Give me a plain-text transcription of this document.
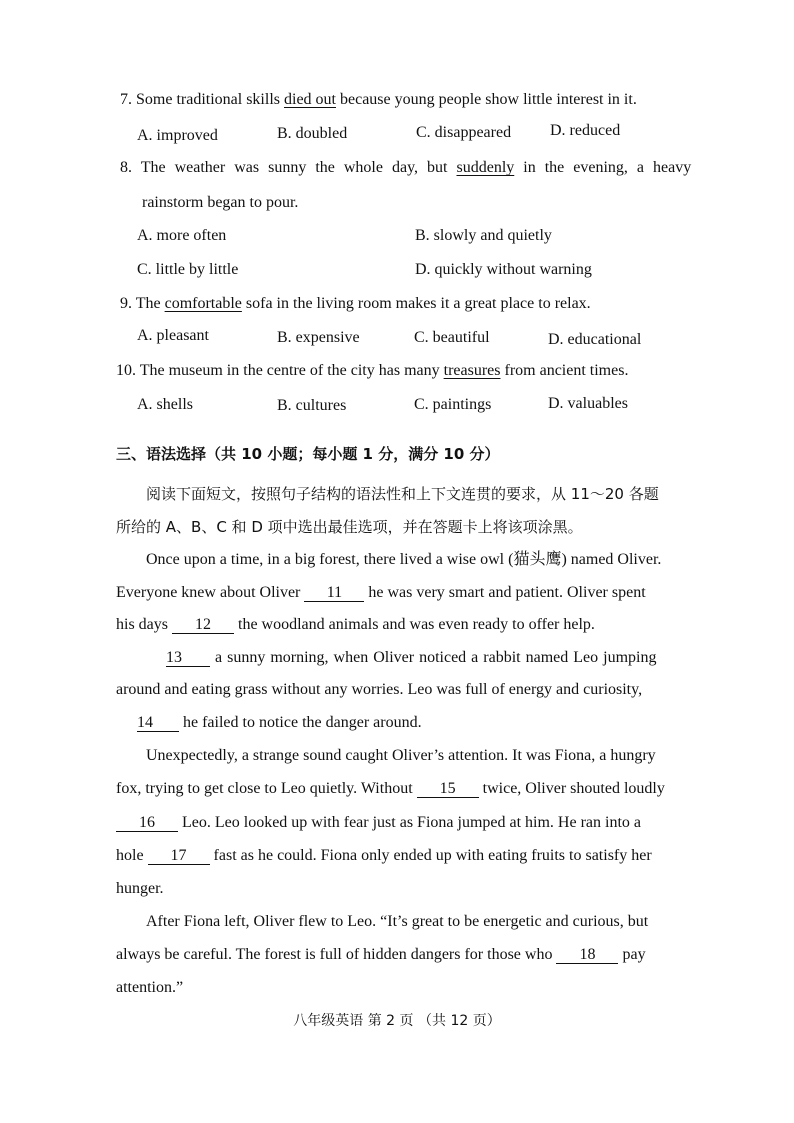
7. Some traditional skills died out because young people show little interest in it.
A. improved	B. doubled	C. disappeared D. reduced
8. The weather was sunny the whole day, but suddenly in the evening, a heavy
rainstorm began to pour.
A. more often	B. slowly and quietly
C. little by little	D. quickly without warning
9. The comfortable sofa in the living room makes it a great place to relax.
A. pleasant	B. expensive	C. beautiful	D. educational
10. The museum in the centre of the city has many treasures from ancient times.
A. shells	B. cultures	C. paintings	D. valuables
三、语法选择（共 10 小题；每小题 1 分，满分 10 分）
阅读下面短文，按照句子结构的语法性和上下文连贯的要求，从 11～20 各题
所给的 A、B、C 和 D 项中选出最佳选项，并在答题卡上将该项涂黑。
Once upon a time, in a big forest, there lived a wise owl (猫头鹰) named Oliver.
Everyone knew about Oliver 11 he was very smart and patient. Oliver spent
his days 12 the woodland animals and was even ready to offer help.
13 a sunny morning, when Oliver noticed a rabbit named Leo jumping
around and eating grass without any worries. Leo was full of energy and curiosity,
14 he failed to notice the danger around.
Unexpectedly, a strange sound caught Oliver’s attention. It was Fiona, a hungry
fox, trying to get close to Leo quietly. Without 15 twice, Oliver shouted loudly
16 Leo. Leo looked up with fear just as Fiona jumped at him. He ran into a
hole 17 fast as he could. Fiona only ended up with eating fruits to satisfy her
hunger.
After Fiona left, Oliver flew to Leo. “It’s great to be energetic and curious, but
always be careful. The forest is full of hidden dangers for those who 18 pay
attention.”
八年级英语 第 2 页 （共 12 页）
